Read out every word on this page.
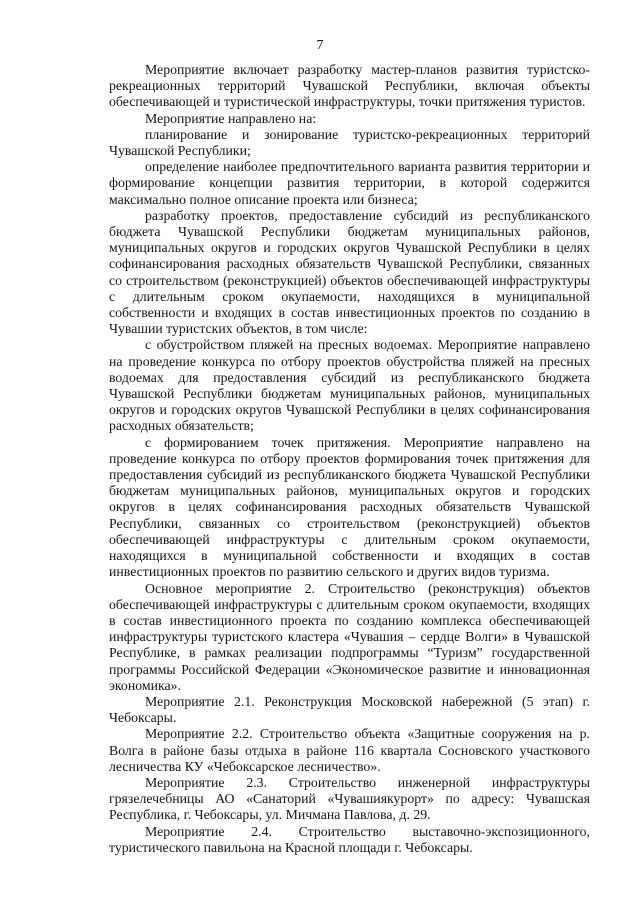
7

Мероприятие включает разработку мастер-планов развития туристско-рекреационных территорий Чувашской Республики, включая объекты обеспечивающей и туристической инфраструктуры, точки притяжения туристов.

Мероприятие направлено на:

планирование и зонирование туристско-рекреационных территорий Чувашской Республики;

определение наиболее предпочтительного варианта развития территории и формирование концепции развития территории, в которой содержится максимально полное описание проекта или бизнеса;

разработку проектов, предоставление субсидий из республиканского бюджета Чувашской Республики бюджетам муниципальных районов, муниципальных округов и городских округов Чувашской Республики в целях софинансирования расходных обязательств Чувашской Республики, связанных со строительством (реконструкцией) объектов обеспечивающей инфраструктуры с длительным сроком окупаемости, находящихся в муниципальной собственности и входящих в состав инвестиционных проектов по созданию в Чувашии туристских объектов, в том числе:

с обустройством пляжей на пресных водоемах. Мероприятие направлено на проведение конкурса по отбору проектов обустройства пляжей на пресных водоемах для предоставления субсидий из республиканского бюджета Чувашской Республики бюджетам муниципальных районов, муниципальных округов и городских округов Чувашской Республики в целях софинансирования расходных обязательств;

с формированием точек притяжения. Мероприятие направлено на проведение конкурса по отбору проектов формирования точек притяжения для предоставления субсидий из республиканского бюджета Чувашской Республики бюджетам муниципальных районов, муниципальных округов и городских округов в целях софинансирования расходных обязательств Чувашской Республики, связанных со строительством (реконструкцией) объектов обеспечивающей инфраструктуры с длительным сроком окупаемости, находящихся в муниципальной собственности и входящих в состав инвестиционных проектов по развитию сельского и других видов туризма.

Основное мероприятие 2. Строительство (реконструкция) объектов обеспечивающей инфраструктуры с длительным сроком окупаемости, входящих в состав инвестиционного проекта по созданию комплекса обеспечивающей инфраструктуры туристского кластера «Чувашия – сердце Волги» в Чувашской Республике, в рамках реализации подпрограммы “Туризм” государственной программы Российской Федерации «Экономическое развитие и инновационная экономика».

Мероприятие 2.1. Реконструкция Московской набережной (5 этап) г. Чебоксары.

Мероприятие 2.2. Строительство объекта «Защитные сооружения на р. Волга в районе базы отдыха в районе 116 квартала Сосновского участкового лесничества КУ «Чебоксарское лесничество».

Мероприятие 2.3. Строительство инженерной инфраструктуры грязелечебницы АО «Санаторий «Чувашиякурорт» по адресу: Чувашская Республика, г. Чебоксары, ул. Мичмана Павлова, д. 29.

Мероприятие 2.4. Строительство выставочно-экспозиционного, туристического павильона на Красной площади г. Чебоксары.
